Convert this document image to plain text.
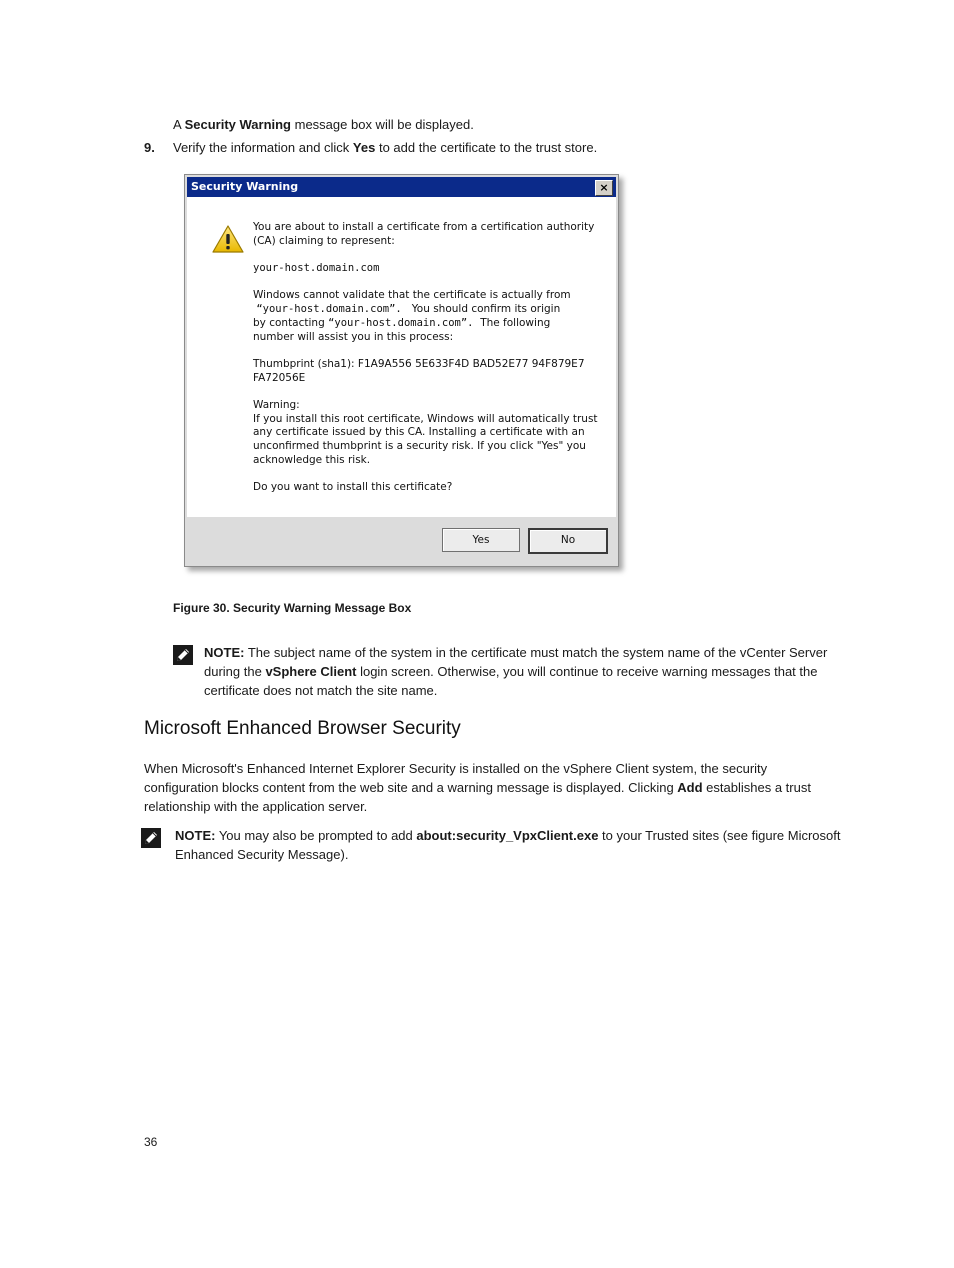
A Security Warning message box will be displayed.
9. Verify the information and click Yes to add the certificate to the trust store.
Security Warning	×

You are about to install a certificate from a certification authority (CA) claiming to represent:

your-host.domain.com

Windows cannot validate that the certificate is actually from
“your-host.domain.com”. You should confirm its origin
by contacting “your-host.domain.com”. The following
number will assist you in this process:

Thumbprint (sha1): F1A9A556 5E633F4D BAD52E77 94F879E7 FA72056E

Warning:
If you install this root certificate, Windows will automatically trust any certificate issued by this CA. Installing a certificate with an unconfirmed thumbprint is a security risk. If you click "Yes" you acknowledge this risk.

Do you want to install this certificate?

Yes	No
Figure 30. Security Warning Message Box
NOTE: The subject name of the system in the certificate must match the system name of the vCenter Server
during the vSphere Client login screen. Otherwise, you will continue to receive warning messages that the
certificate does not match the site name.
Microsoft Enhanced Browser Security
When Microsoft's Enhanced Internet Explorer Security is installed on the vSphere Client system, the security
configuration blocks content from the web site and a warning message is displayed. Clicking Add establishes a trust
relationship with the application server.
NOTE: You may also be prompted to add about:security_VpxClient.exe to your Trusted sites (see figure Microsoft
Enhanced Security Message).
36
